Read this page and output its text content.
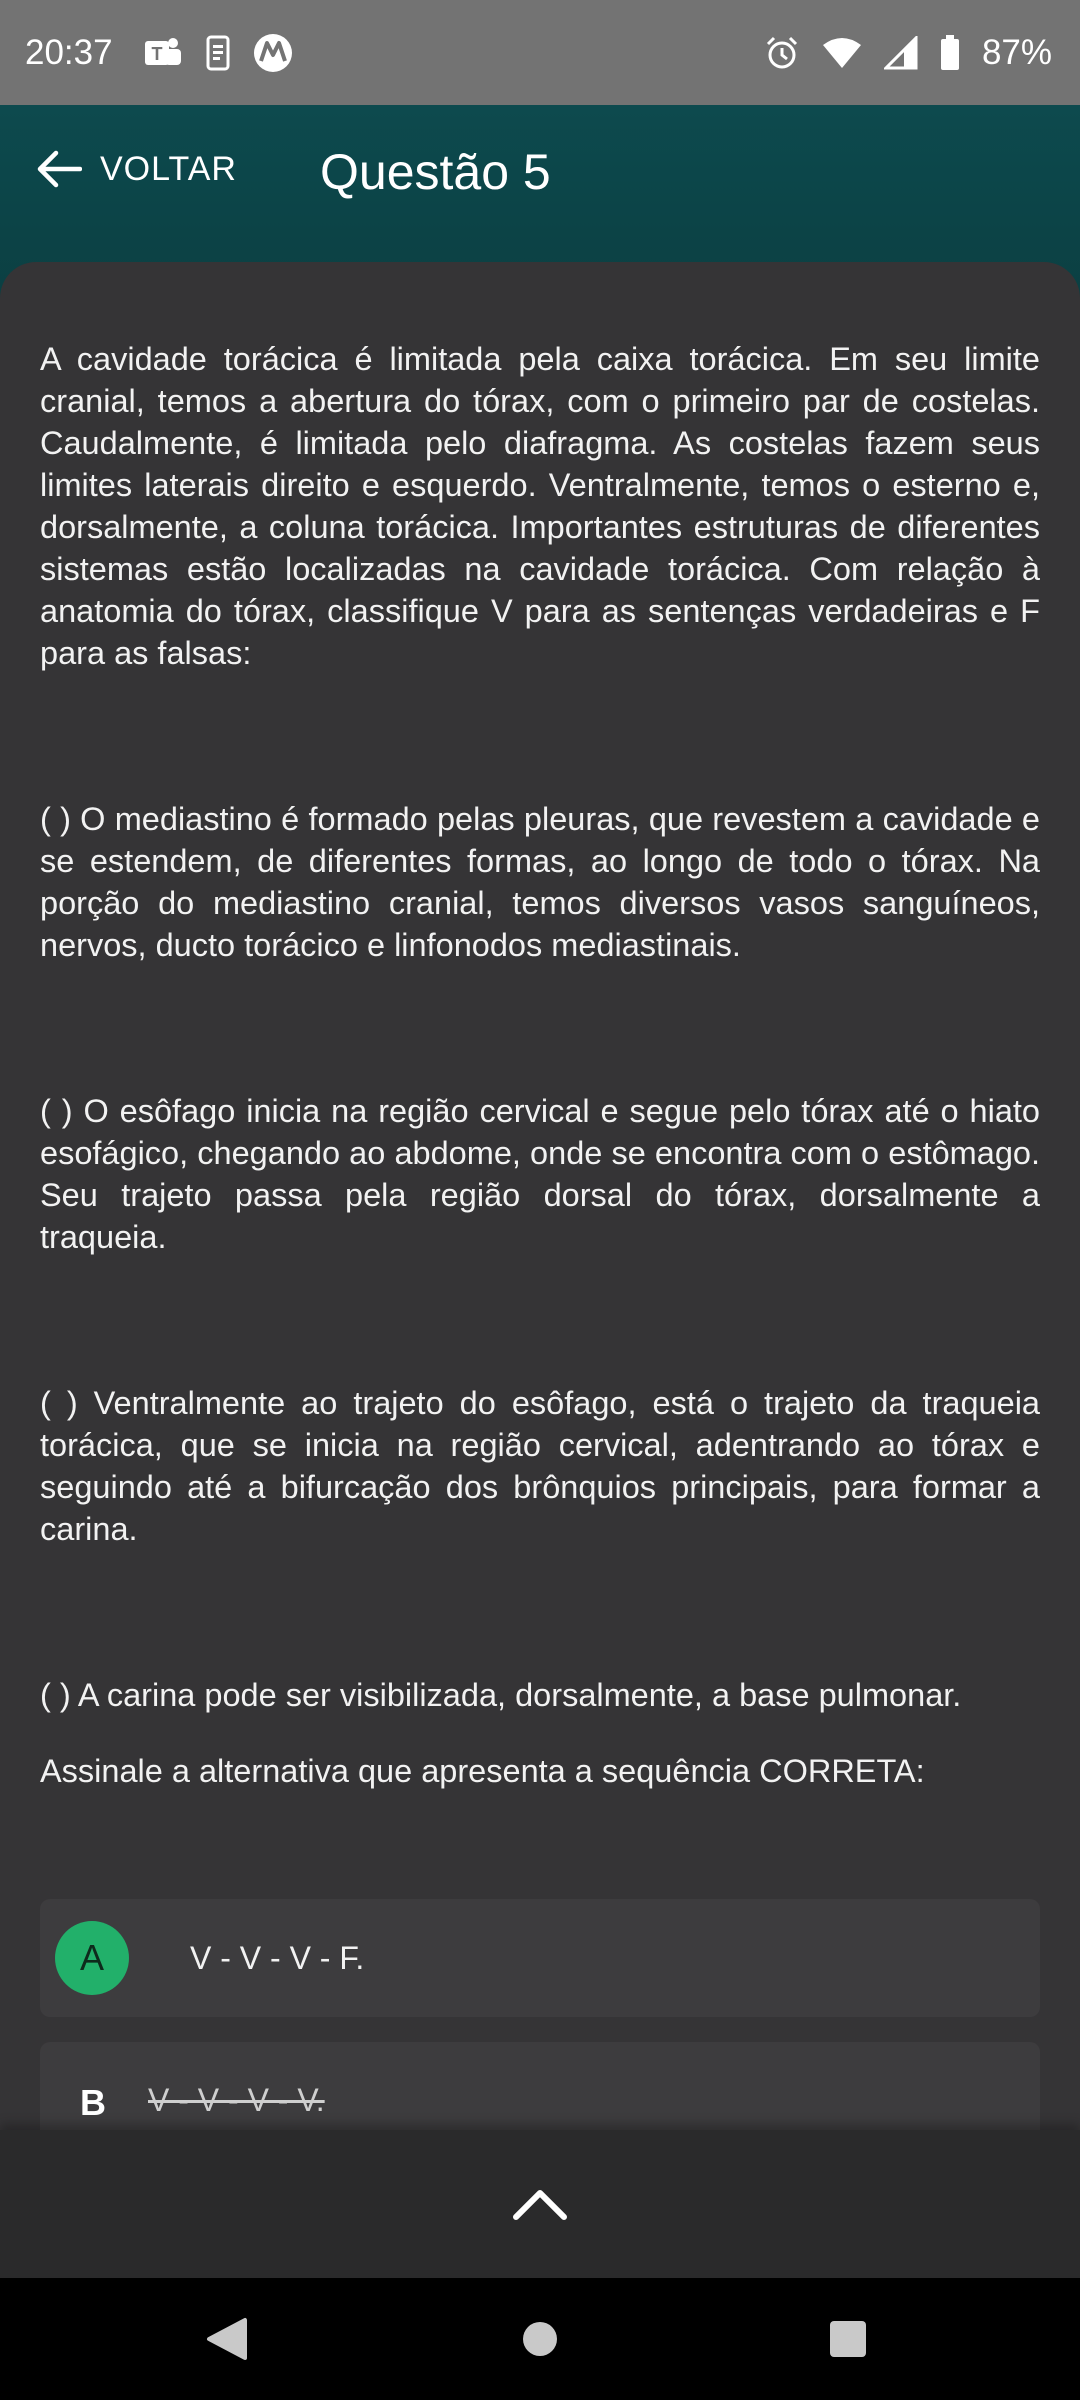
20:37 T	87%
VOLTAR Questão 5

A cavidade torácica é limitada pela caixa torácica. Em seu limite cranial, temos a abertura do tórax, com o primeiro par de costelas. Caudalmente, é limitada pelo diafragma. As costelas fazem seus limites laterais direito e esquerdo. Ventralmente, temos o esterno e, dorsalmente, a coluna torácica. Importantes estruturas de diferentes sistemas estão localizadas na cavidade torácica. Com relação à anatomia do tórax, classifique V para as sentenças verdadeiras e F para as falsas:

( ) O mediastino é formado pelas pleuras, que revestem a cavidade e se estendem, de diferentes formas, ao longo de todo o tórax. Na porção do mediastino cranial, temos diversos vasos sanguíneos, nervos, ducto torácico e linfonodos mediastinais.

( ) O esôfago inicia na região cervical e segue pelo tórax até o hiato esofágico, chegando ao abdome, onde se encontra com o estômago. Seu trajeto passa pela região dorsal do tórax, dorsalmente a traqueia.

( ) Ventralmente ao trajeto do esôfago, está o trajeto da traqueia torácica, que se inicia na região cervical, adentrando ao tórax e seguindo até a bifurcação dos brônquios principais, para formar a carina.

( ) A carina pode ser visibilizada, dorsalmente, a base pulmonar.

Assinale a alternativa que apresenta a sequência CORRETA:

A	V - V - V - F.
B V - V - V - V.
